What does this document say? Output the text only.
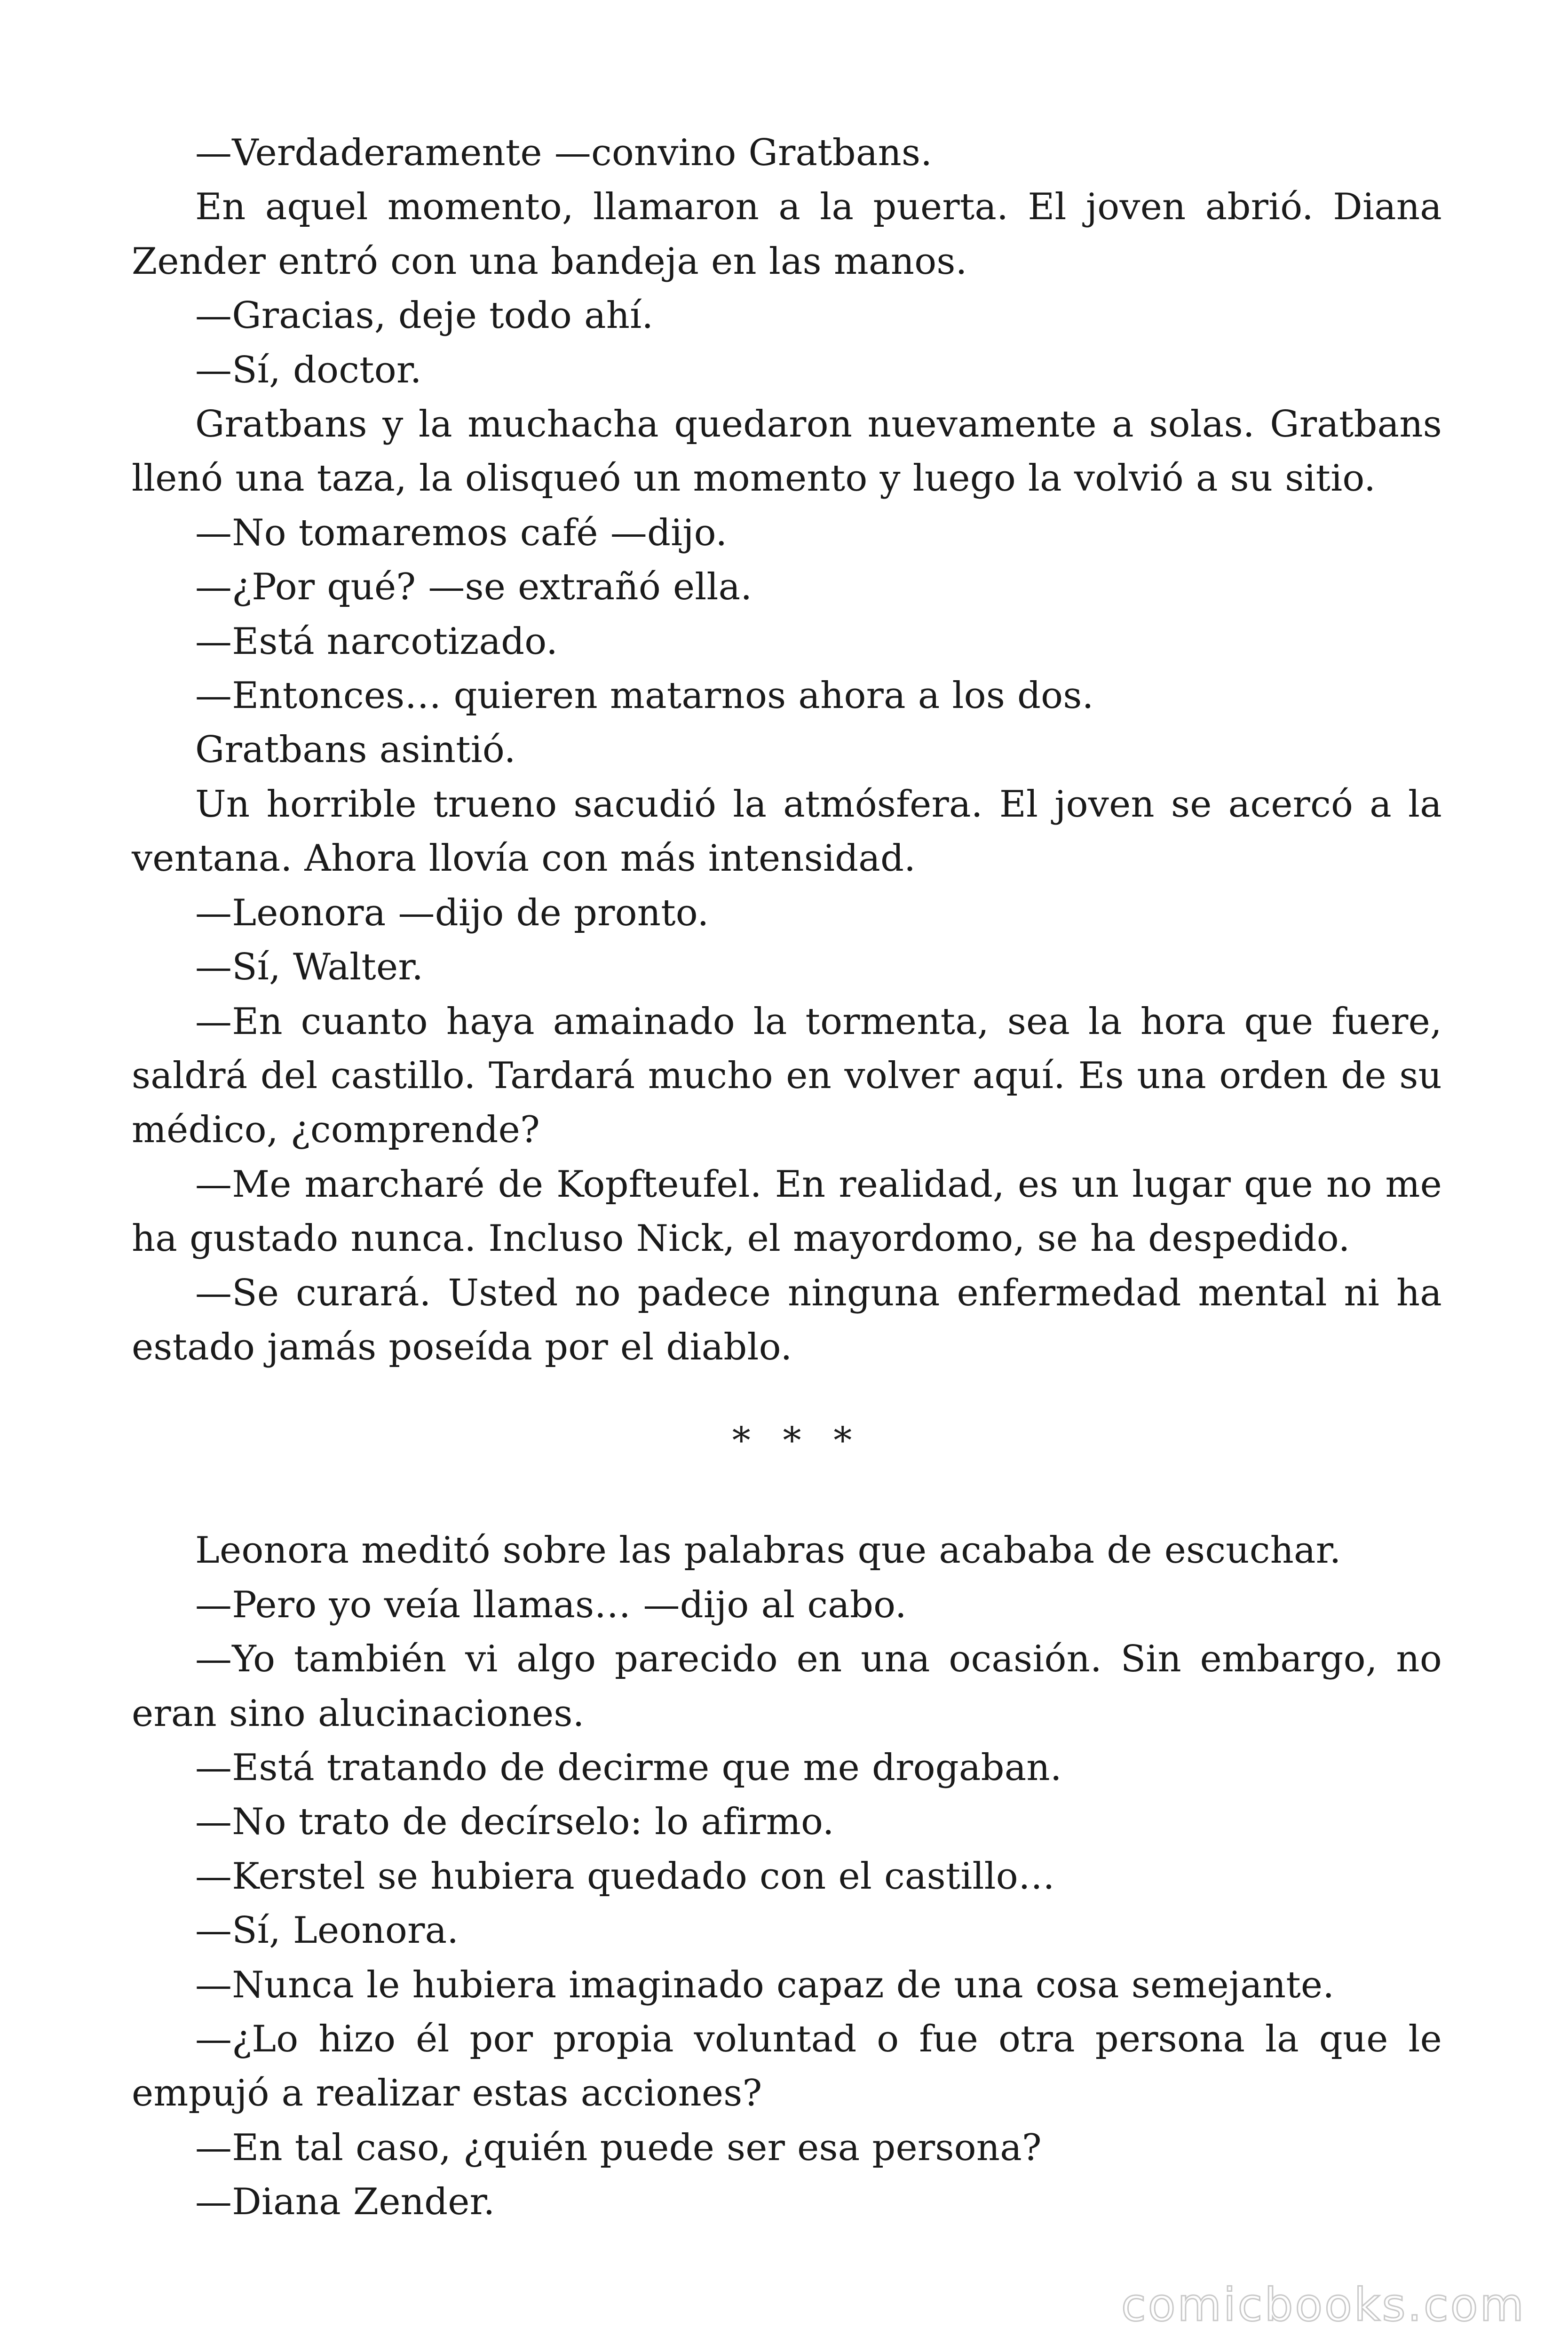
—Verdaderamente —convino Gratbans.

En aquel momento, llamaron a la puerta. El joven abrió. Diana Zender entró con una bandeja en las manos.

—Gracias, deje todo ahí.

—Sí, doctor.

Gratbans y la muchacha quedaron nuevamente a solas. Gratbans llenó una taza, la olisqueó un momento y luego la volvió a su sitio.

—No tomaremos café —dijo.

—¿Por qué? —se extrañó ella.

—Está narcotizado.

—Entonces… quieren matarnos ahora a los dos.

Gratbans asintió.

Un horrible trueno sacudió la atmósfera. El joven se acercó a la ventana. Ahora llovía con más intensidad.

—Leonora —dijo de pronto.

—Sí, Walter.

—En cuanto haya amainado la tormenta, sea la hora que fuere, saldrá del castillo. Tardará mucho en volver aquí. Es una orden de su médico, ¿comprende?

—Me marcharé de Kopfteufel. En realidad, es un lugar que no me ha gustado nunca. Incluso Nick, el mayordomo, se ha despedido.

—Se curará. Usted no padece ninguna enfermedad mental ni ha estado jamás poseída por el diablo.

* * *

Leonora meditó sobre las palabras que acababa de escuchar.

—Pero yo veía llamas… —dijo al cabo.

—Yo también vi algo parecido en una ocasión. Sin embargo, no eran sino alucinaciones.

—Está tratando de decirme que me drogaban.

—No trato de decírselo: lo afirmo.

—Kerstel se hubiera quedado con el castillo…

—Sí, Leonora.

—Nunca le hubiera imaginado capaz de una cosa semejante.

—¿Lo hizo él por propia voluntad o fue otra persona la que le empujó a realizar estas acciones?

—En tal caso, ¿quién puede ser esa persona?

—Diana Zender.

comicbooks.com
